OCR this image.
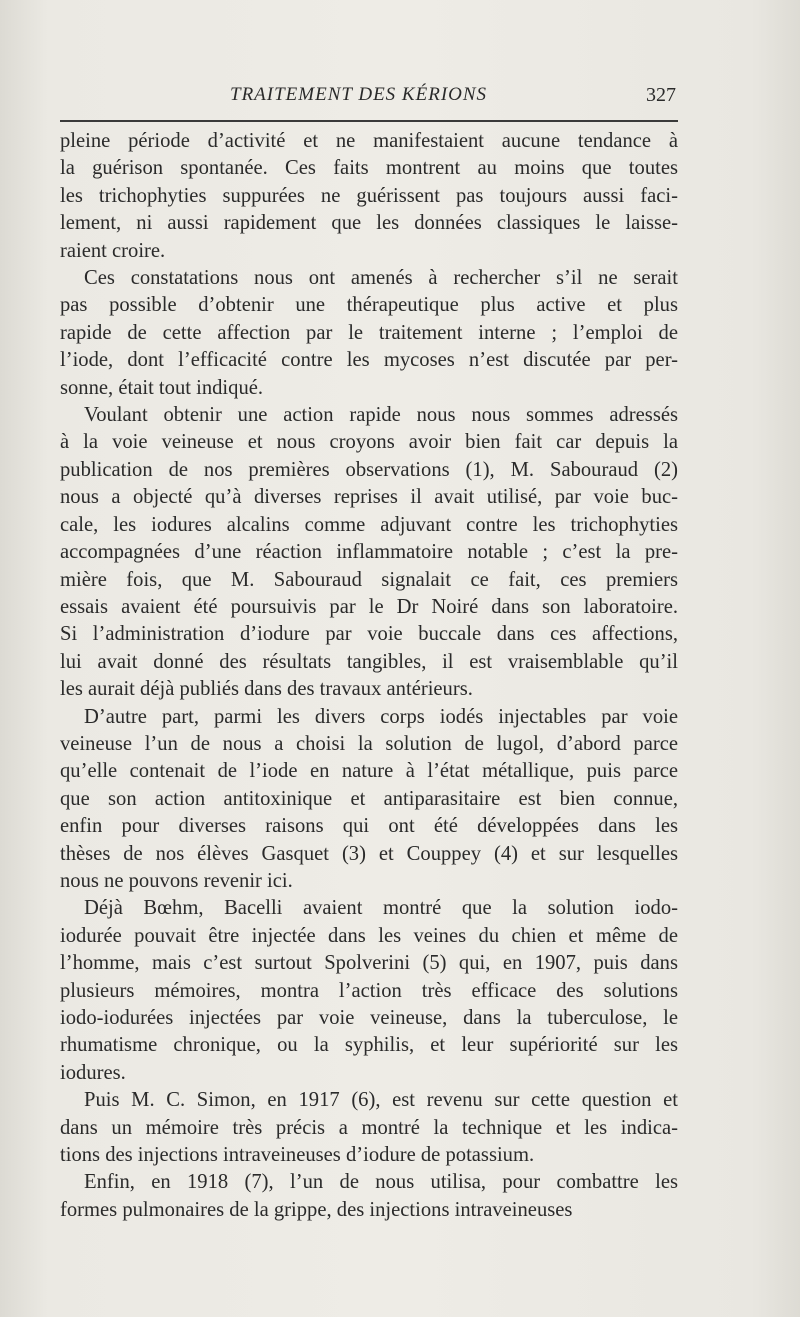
TRAITEMENT DES KÉRIONS	327
pleine période d’activité et ne manifestaient aucune tendance à
la guérison spontanée. Ces faits montrent au moins que toutes
les trichophyties suppurées ne guérissent pas toujours aussi faci-
lement, ni aussi rapidement que les données classiques le laisse-
raient croire.
Ces constatations nous ont amenés à rechercher s’il ne serait
pas possible d’obtenir une thérapeutique plus active et plus
rapide de cette affection par le traitement interne ; l’emploi de
l’iode, dont l’efficacité contre les mycoses n’est discutée par per-
sonne, était tout indiqué.
Voulant obtenir une action rapide nous nous sommes adressés
à la voie veineuse et nous croyons avoir bien fait car depuis la
publication de nos premières observations (1), M. Sabouraud (2)
nous a objecté qu’à diverses reprises il avait utilisé, par voie buc-
cale, les iodures alcalins comme adjuvant contre les trichophyties
accompagnées d’une réaction inflammatoire notable ; c’est la pre-
mière fois, que M. Sabouraud signalait ce fait, ces premiers
essais avaient été poursuivis par le Dr Noiré dans son laboratoire.
Si l’administration d’iodure par voie buccale dans ces affections,
lui avait donné des résultats tangibles, il est vraisemblable qu’il
les aurait déjà publiés dans des travaux antérieurs.
D’autre part, parmi les divers corps iodés injectables par voie
veineuse l’un de nous a choisi la solution de lugol, d’abord parce
qu’elle contenait de l’iode en nature à l’état métallique, puis parce
que son action antitoxinique et antiparasitaire est bien connue,
enfin pour diverses raisons qui ont été développées dans les
thèses de nos élèves Gasquet (3) et Couppey (4) et sur lesquelles
nous ne pouvons revenir ici.
Déjà Bœhm, Bacelli avaient montré que la solution iodo-
iodurée pouvait être injectée dans les veines du chien et même de
l’homme, mais c’est surtout Spolverini (5) qui, en 1907, puis dans
plusieurs mémoires, montra l’action très efficace des solutions
iodo-iodurées injectées par voie veineuse, dans la tuberculose, le
rhumatisme chronique, ou la syphilis, et leur supériorité sur les
iodures.
Puis M. C. Simon, en 1917 (6), est revenu sur cette question et
dans un mémoire très précis a montré la technique et les indica-
tions des injections intraveineuses d’iodure de potassium.
Enfin, en 1918 (7), l’un de nous utilisa, pour combattre les
formes pulmonaires de la grippe, des injections intraveineuses
